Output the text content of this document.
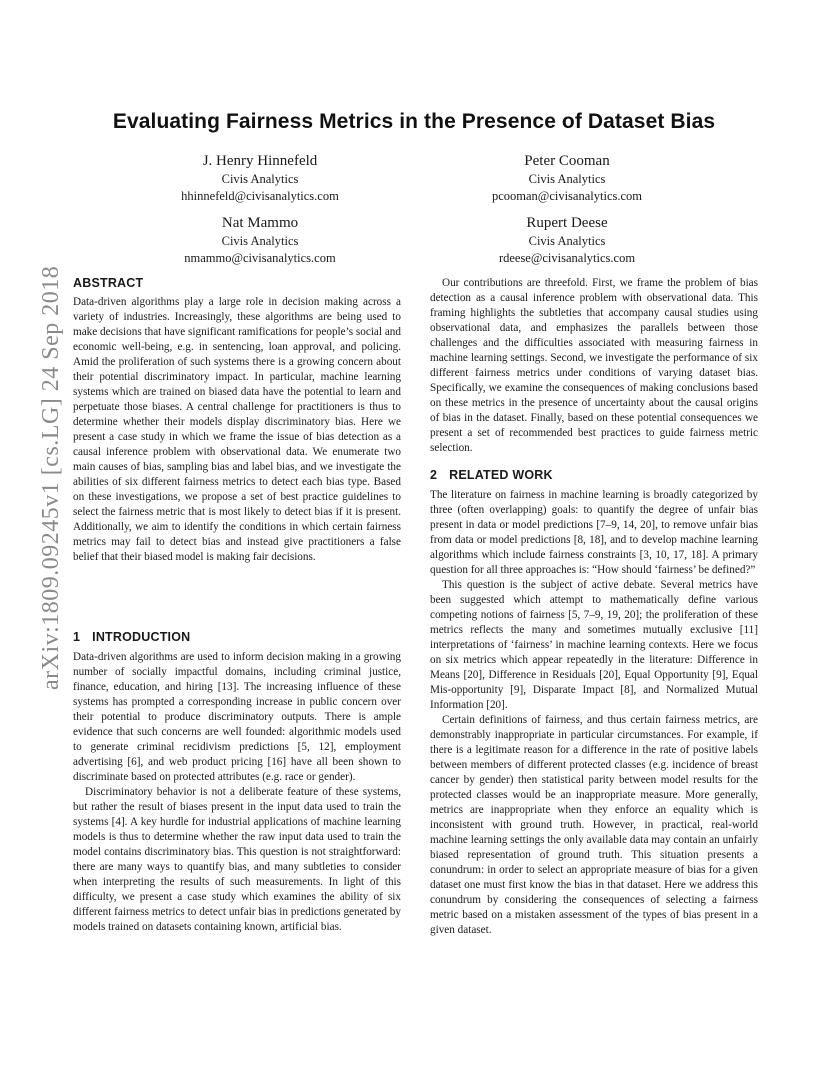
arXiv:1809.09245v1 [cs.LG] 24 Sep 2018
Evaluating Fairness Metrics in the Presence of Dataset Bias
J. Henry Hinnefeld
Civis Analytics
hhinnefeld@civisanalytics.com
Peter Cooman
Civis Analytics
pcooman@civisanalytics.com
Nat Mammo
Civis Analytics
nmammo@civisanalytics.com
Rupert Deese
Civis Analytics
rdeese@civisanalytics.com
ABSTRACT

Data-driven algorithms play a large role in decision making across a variety of industries. Increasingly, these algorithms are being used to make decisions that have significant ramifications for people’s social and economic well-being, e.g. in sentencing, loan approval, and policing. Amid the proliferation of such systems there is a growing concern about their potential discriminatory impact. In particular, machine learning systems which are trained on biased data have the potential to learn and perpetuate those biases. A central challenge for practitioners is thus to determine whether their models display discriminatory bias. Here we present a case study in which we frame the issue of bias detection as a causal inference problem with observational data. We enumerate two main causes of bias, sampling bias and label bias, and we investigate the abilities of six different fairness metrics to detect each bias type. Based on these investigations, we propose a set of best practice guidelines to select the fairness metric that is most likely to detect bias if it is present. Additionally, we aim to identify the conditions in which certain fairness metrics may fail to detect bias and instead give practitioners a false belief that their biased model is making fair decisions.

1 INTRODUCTION

Data-driven algorithms are used to inform decision making in a growing number of socially impactful domains, including criminal justice, finance, education, and hiring [13]. The increasing influence of these systems has prompted a corresponding increase in public concern over their potential to produce discriminatory outputs. There is ample evidence that such concerns are well founded: algorithmic models used to generate criminal recidivism predictions [5, 12], employment advertising [6], and web product pricing [16] have all been shown to discriminate based on protected attributes (e.g. race or gender).

Discriminatory behavior is not a deliberate feature of these systems, but rather the result of biases present in the input data used to train the systems [4]. A key hurdle for industrial applications of machine learning models is thus to determine whether the raw input data used to train the model contains discriminatory bias. This question is not straightforward: there are many ways to quantify bias, and many subtleties to consider when interpreting the results of such measurements. In light of this difficulty, we present a case study which examines the ability of six different fairness metrics to detect unfair bias in predictions generated by models trained on datasets containing known, artificial bias.

Our contributions are threefold. First, we frame the problem of bias detection as a causal inference problem with observational data. This framing highlights the subtleties that accompany causal studies using observational data, and emphasizes the parallels between those challenges and the difficulties associated with measuring fairness in machine learning settings. Second, we investigate the performance of six different fairness metrics under conditions of varying dataset bias. Specifically, we examine the consequences of making conclusions based on these metrics in the presence of uncertainty about the causal origins of bias in the dataset. Finally, based on these potential consequences we present a set of recommended best practices to guide fairness metric selection.

2 RELATED WORK

The literature on fairness in machine learning is broadly categorized by three (often overlapping) goals: to quantify the degree of unfair bias present in data or model predictions [7–9, 14, 20], to remove unfair bias from data or model predictions [8, 18], and to develop machine learning algorithms which include fairness constraints [3, 10, 17, 18]. A primary question for all three approaches is: “How should ‘fairness’ be defined?”

This question is the subject of active debate. Several metrics have been suggested which attempt to mathematically define various competing notions of fairness [5, 7–9, 19, 20]; the proliferation of these metrics reflects the many and sometimes mutually exclusive [11] interpretations of ‘fairness’ in machine learning contexts. Here we focus on six metrics which appear repeatedly in the literature: Difference in Means [20], Difference in Residuals [20], Equal Opportunity [9], Equal Mis-opportunity [9], Disparate Impact [8], and Normalized Mutual Information [20].

Certain definitions of fairness, and thus certain fairness metrics, are demonstrably inappropriate in particular circumstances. For example, if there is a legitimate reason for a difference in the rate of positive labels between members of different protected classes (e.g. incidence of breast cancer by gender) then statistical parity between model results for the protected classes would be an inappropriate measure. More generally, metrics are inappropriate when they enforce an equality which is inconsistent with ground truth. However, in practical, real-world machine learning settings the only available data may contain an unfairly biased representation of ground truth. This situation presents a conundrum: in order to select an appropriate measure of bias for a given dataset one must first know the bias in that dataset. Here we address this conundrum by considering the consequences of selecting a fairness metric based on a mistaken assessment of the types of bias present in a given dataset.
